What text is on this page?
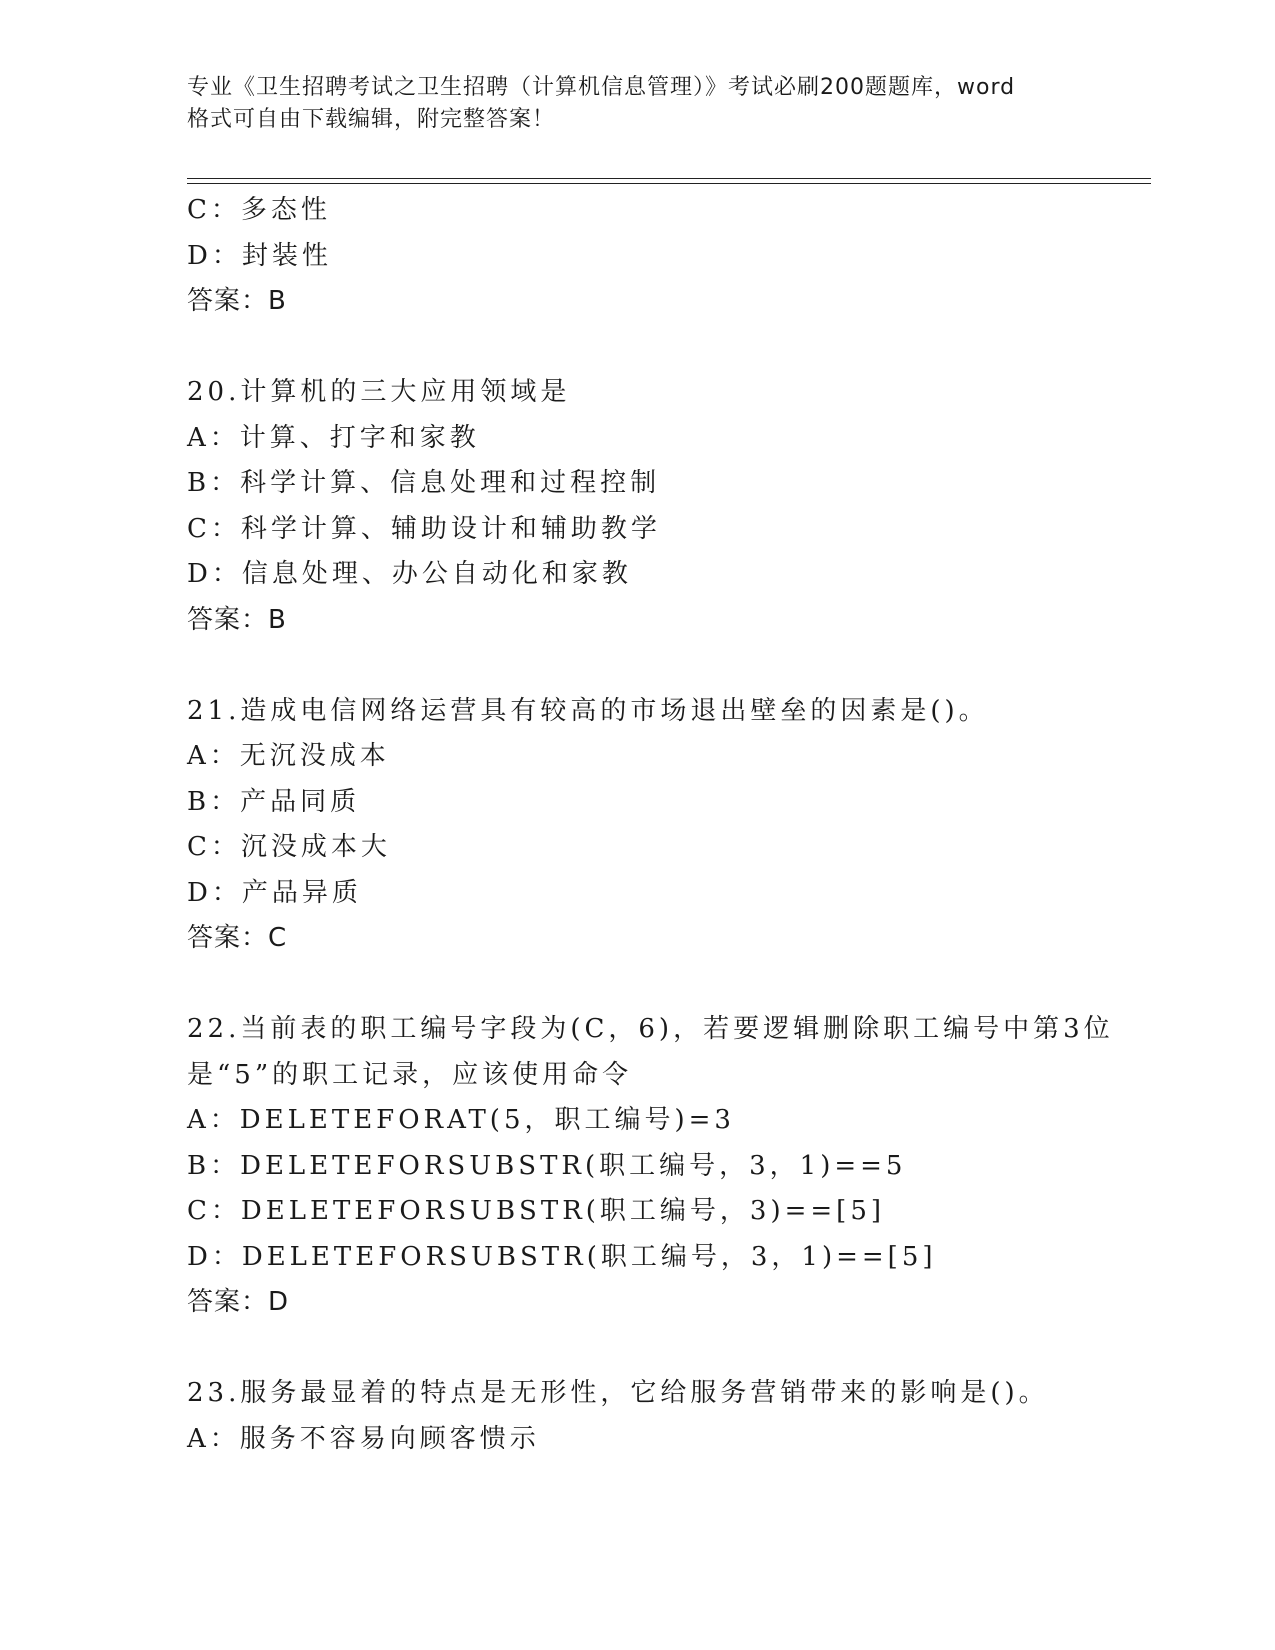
专业《卫生招聘考试之卫生招聘（计算机信息管理）》考试必刷200题题库，word
格式可自由下载编辑，附完整答案！
C：多态性
D：封装性
答案：B
20.计算机的三大应用领域是
A：计算、打字和家教
B：科学计算、信息处理和过程控制
C：科学计算、辅助设计和辅助教学
D：信息处理、办公自动化和家教
答案：B
21.造成电信网络运营具有较高的市场退出壁垒的因素是()。
A：无沉没成本
B：产品同质
C：沉没成本大
D：产品异质
答案：C
22.当前表的职工编号字段为(C，6)，若要逻辑删除职工编号中第3位
是“5”的职工记录，应该使用命令
A：DELETEFORAT(5，职工编号)=3
B：DELETEFORSUBSTR(职工编号，3，1)==5
C：DELETEFORSUBSTR(职工编号，3)==[5]
D：DELETEFORSUBSTR(职工编号，3，1)==[5]
答案：D
23.服务最显着的特点是无形性，它给服务营销带来的影响是()。
A：服务不容易向顾客愦示
